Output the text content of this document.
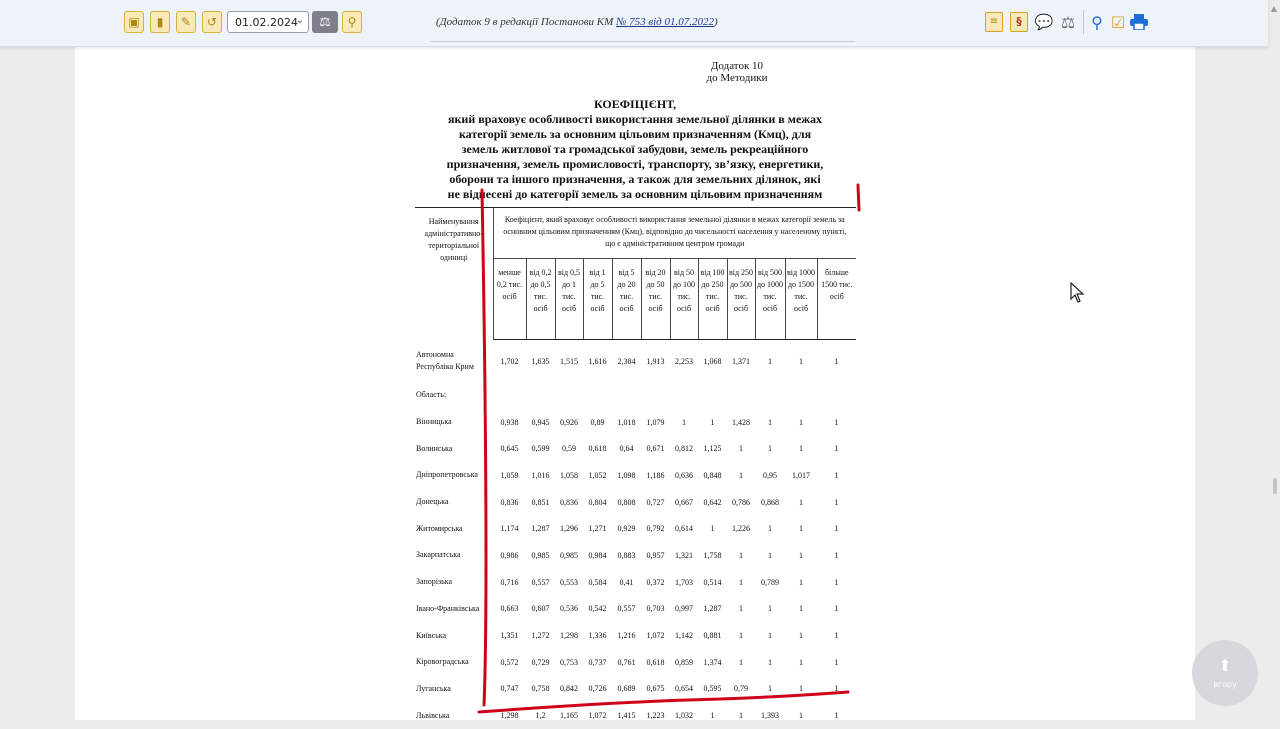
▣	▮	✎	↺	01.02.2024
⌄	⚖	⚲	(Додаток 9 в редакції Постанови КМ № 753 від 01.07.2022)	≡	§ 💬 ⚖ ⚲ ☑
Додаток 10
до Методики
КОЕФІЦІЄНТ,
який враховує особливості використання земельної ділянки в межах
категорії земель за основним цільовим призначенням (Кмц), для
земель житлової та громадської забудови, земель рекреаційного
призначення, земель промисловості, транспорту, зв’язку, енергетики,
оборони та іншого призначення, а також для земельних ділянок, які
не віднесені до категорії земель за основним цільовим призначенням
Найменування адміністративно-територіальної одиниці	Коефіцієнт, який враховує особливості використання земельної ділянки в межах категорії земель за основним цільовим призначенням (Кмц), відповідно до чисельності населення у населеному пункті, що є адміністративним центром громади											
	менше 0,2 тис. осіб	від 0,2 до 0,5 тис. осіб	від 0,5 до 1 тис. осіб	від 1 до 5 тис. осіб	від 5 до 20 тис. осіб	від 20 до 50 тис. осіб	від 50 до 100 тис. осіб	від 100 до 250 тис. осіб	від 250 до 500 тис. осіб	від 500 до 1000 тис. осіб	від 1000 до 1500 тис. осіб	більше 1500 тис. осіб
Автономна Республіка Крим	1,702	1,635	1,515	1,616	2,384	1,913	2,253	1,068	1,371	1	1	1
Область:												
Вінницька	0,938	0,945	0,926	0,89	1,018	1,079	1	1	1,428	1	1	1
Волинська	0,645	0,599	0,59	0,618	0,64	0,671	0,812	1,125	1	1	1	1
Дніпропетровська	1,059	1,016	1,058	1,052	1,098	1,186	0,636	0,848	1	0,95	1,017	1
Донецька	0,836	0,851	0,836	0,804	0,808	0,727	0,667	0,642	0,786	0,868	1	1
Житомирська	1,174	1,287	1,296	1,271	0,929	0,792	0,614	1	1,226	1	1	1
Закарпатська	0,986	0,985	0,985	0,984	0,883	0,957	1,321	1,758	1	1	1	1
Запорізька	0,716	0,557	0,553	0,584	0,41	0,372	1,703	0,514	1	0,789	1	1
Івано-Франківська	0,663	0,607	0,536	0,542	0,557	0,703	0,997	1,287	1	1	1	1
Київська	1,351	1,272	1,298	1,336	1,216	1,072	1,142	0,881	1	1	1	1
Кіровоградська	0,572	0,729	0,753	0,737	0,761	0,618	0,859	1,374	1	1	1	1
Луганська	0,747	0,758	0,842	0,726	0,689	0,675	0,654	0,595	0,79	1	1	1
Львівська	1,298	1,2	1,165	1,072	1,415	1,223	1,032	1	1	1,393	1	1
⬆
вгору
▲
